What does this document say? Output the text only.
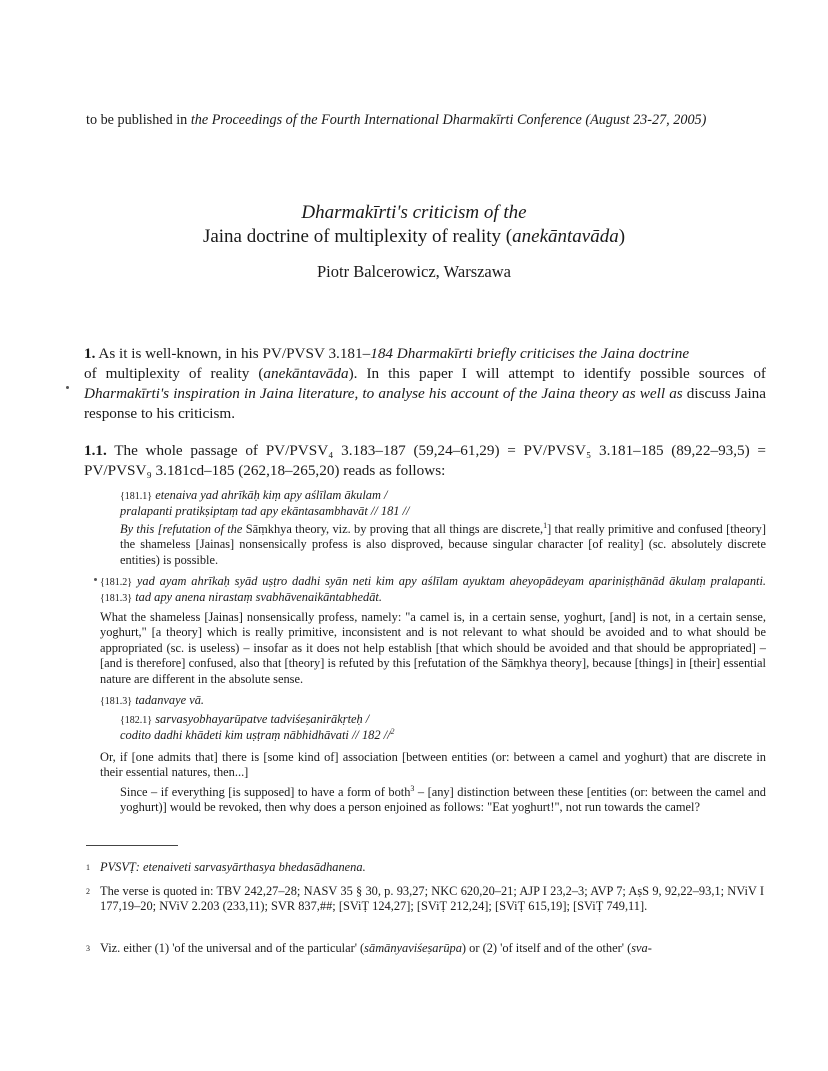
to be published in the Proceedings of the Fourth International Dharmakīrti Conference (August 23-27, 2005)
Dharmakīrti's criticism of the
Jaina doctrine of multiplexity of reality (anekāntavāda)
Piotr Balcerowicz, Warszawa
1. As it is well-known, in his PV/PVSV 3.181–184 Dharmakīrti briefly criticises the Jaina doctrine
of multiplexity of reality (anekāntavāda). In this paper I will attempt to identify possible sources of Dharmakīrti's inspiration in Jaina literature, to analyse his account of the Jaina theory as well as discuss Jaina response to his criticism.
1.1. The whole passage of PV/PVSV₄ 3.183–187 (59,24–61,29) = PV/PVSV₅ 3.181–185 (89,22–93,5) = PV/PVSV₉ 3.181cd–185 (262,18–265,20) reads as follows:
{181.1} etenaiva yad ahrīkāḥ kiṃ apy aślīlam ākulam /
pralapanti pratikṣiptaṃ tad apy ekāntasambhavāt // 181 //
By this [refutation of the Sāṃkhya theory, viz. by proving that all things are discrete,$^1$] that really primitive and confused [theory] the shameless [Jainas] nonsensically profess is also disproved, because singular character [of reality] (sc. absolutely discrete entities) is possible.
{181.2} yad ayam ahrīkaḥ syād uṣṭro dadhi syān neti kim apy aślīlam ayuktam aheyopādeyam apariniṣṭhānād ākulaṃ pralapanti. {181.3} tad apy anena nirastaṃ svabhāvenaikāntabhedāt.
What the shameless [Jainas] nonsensically profess, namely: "a camel is, in a certain sense, yoghurt, [and] is not, in a certain sense, yoghurt," [a theory] which is really primitive, inconsistent and is not relevant to what should be avoided and to what should be appropriated (sc. is useless) – insofar as it does not help establish [that which should be avoided and that should be appropriated] – [and is therefore] confused, also that [theory] is refuted by this [refutation of the Sāṃkhya theory], because [things] in [their] essential nature are different in the absolute sense.
{181.3} tadanvaye vā.
{182.1} sarvasyobhayarūpatve tadviśeṣanirākṛteḥ /
codito dadhi khādeti kim uṣṭraṃ nābhidhāvati // 182 //$^2$
Or, if [one admits that] there is [some kind of] association [between entities (or: between a camel and yoghurt) that are discrete in their essential natures, then...]
Since – if everything [is supposed] to have a form of both$^3$ – [any] distinction between these [entities (or: between the camel and yoghurt)] would be revoked, then why does a person enjoined as follows: "Eat yoghurt!", not run towards the camel?
1 PVSVṬ: etenaiveti sarvasyārthasya bhedasādhanena.
2 The verse is quoted in: TBV 242,27–28; NASV 35 § 30, p. 93,27; NKC 620,20–21; AJP I 23,2–3; AVP 7; AṣS 9, 92,22–93,1; NViV I 177,19–20; NViV 2.203 (233,11); SVR 837,##; [SViṬ 124,27]; [SViṬ 212,24]; [SViṬ 615,19]; [SViṬ 749,11].
3 Viz. either (1) 'of the universal and of the particular' (sāmānyaviśeṣarūpa) or (2) 'of itself and of the other' (sva-
